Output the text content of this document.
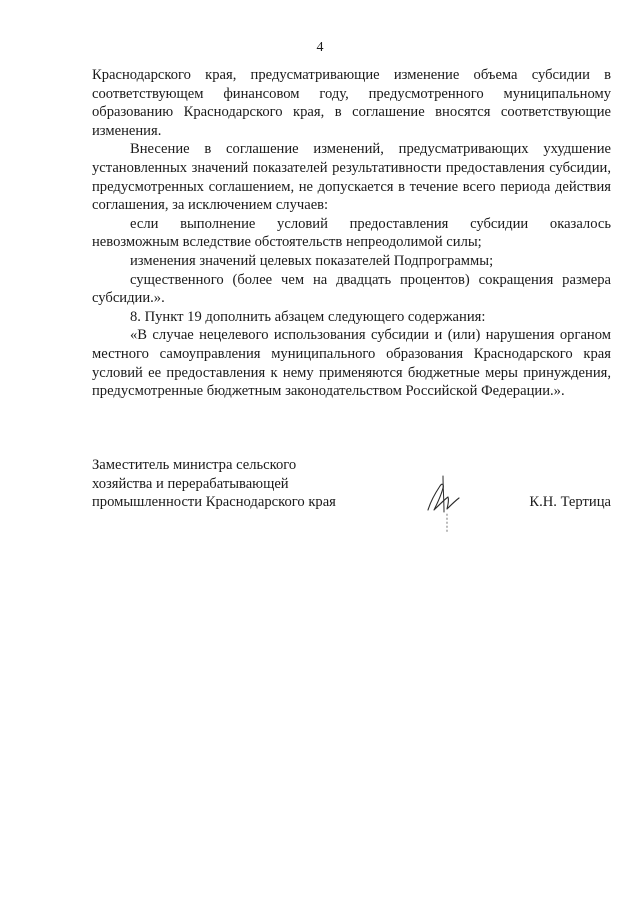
4

Краснодарского края, предусматривающие изменение объема субсидии в соответствующем финансовом году, предусмотренного муниципальному образованию Краснодарского края, в соглашение вносятся соответствующие изменения.

Внесение в соглашение изменений, предусматривающих ухудшение установленных значений показателей результативности предоставления субсидии, предусмотренных соглашением, не допускается в течение всего периода действия соглашения, за исключением случаев:

если выполнение условий предоставления субсидии оказалось невозможным вследствие обстоятельств непреодолимой силы;

изменения значений целевых показателей Подпрограммы;

существенного (более чем на двадцать процентов) сокращения размера субсидии.».

8. Пункт 19 дополнить абзацем следующего содержания:

«В случае нецелевого использования субсидии и (или) нарушения органом местного самоуправления муниципального образования Краснодарского края условий ее предоставления к нему применяются бюджетные меры принуждения, предусмотренные бюджетным законодательством Российской Федерации.».

Заместитель министра сельского
хозяйства и перерабатывающей
промышленности Краснодарского края	К.Н. Тертица
